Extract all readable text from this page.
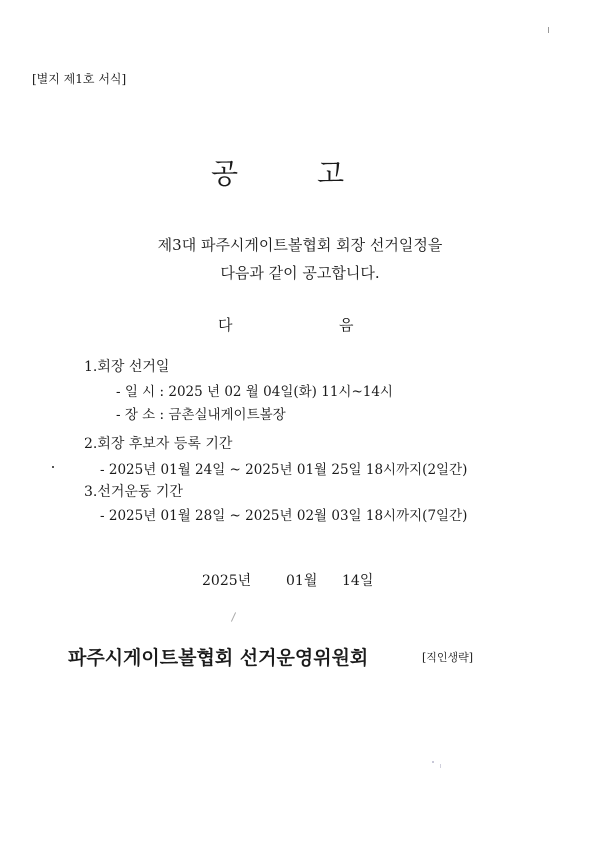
[별지 제1호 서식]
공	고
제3대 파주시게이트볼협회 회장 선거일정을
다음과 같이 공고합니다.
다	음
1.회장 선거일
- 일 시 : 2025 년 02 월 04일(화) 11시~14시
- 장 소 : 금촌실내게이트볼장
2.회장 후보자 등록 기간
- 2025년 01월 24일 ~ 2025년 01월 25일 18시까지(2일간)
3.선거운동 기간
- 2025년 01월 28일 ~ 2025년 02월 03일 18시까지(7일간)
2025년 01월 14일
파주시게이트볼협회 선거운영위원회	[직인생략]
